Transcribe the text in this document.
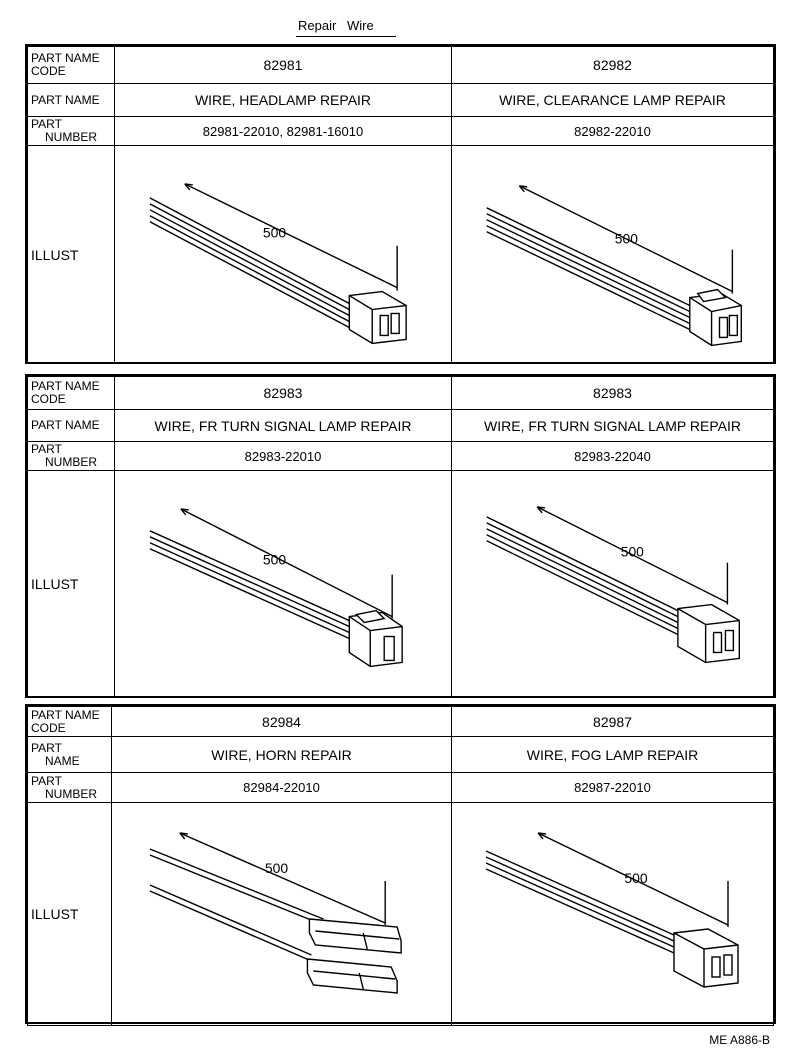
Repair Wire
PART NAME
CODE	82981	82982
PART NAME	WIRE, HEADLAMP REPAIR	WIRE, CLEARANCE LAMP REPAIR
PART
NUMBER	82981-22010, 82981-16010	82982-22010
ILLUST	500	500
PART NAME
CODE	82983	82983
PART NAME	WIRE, FR TURN SIGNAL LAMP REPAIR	WIRE, FR TURN SIGNAL LAMP REPAIR
PART
NUMBER	82983-22010	82983-22040
ILLUST	500	500
PART NAME
CODE	82984	82987
PART
NAME	WIRE, HORN REPAIR	WIRE, FOG LAMP REPAIR
PART
NUMBER	82984-22010	82987-22010
ILLUST	500	500
ME A886-B
